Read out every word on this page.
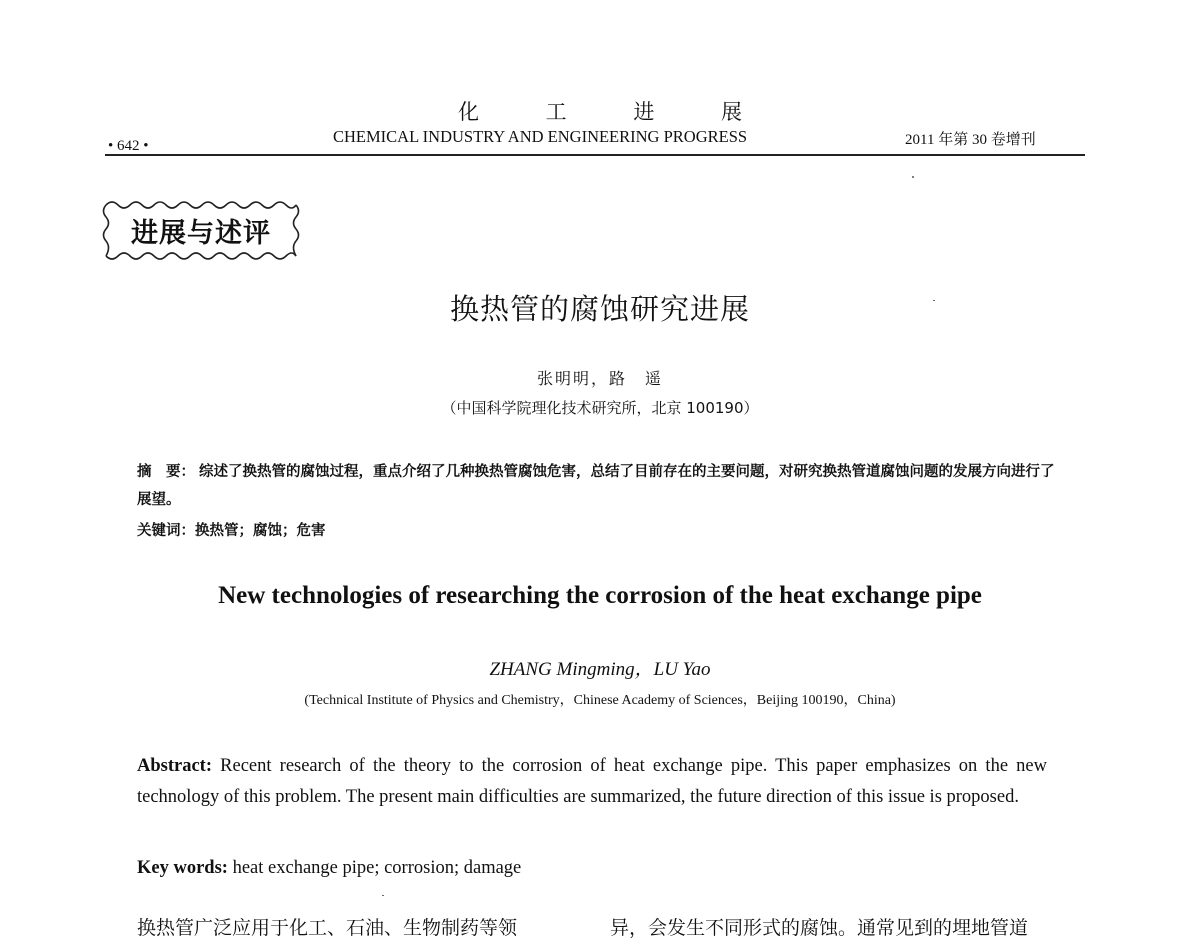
化 工 进 展
• 642 •	CHEMICAL INDUSTRY AND ENGINEERING PROGRESS	2011 年第 30 卷增刊
进展与述评
换热管的腐蚀研究进展
张明明，路　遥
（中国科学院理化技术研究所，北京 100190）
摘　要： 综述了换热管的腐蚀过程，重点介绍了几种换热管腐蚀危害，总结了目前存在的主要问题，对研究换热管道腐蚀问题的发展方向进行了展望。
关键词：换热管；腐蚀；危害
New technologies of researching the corrosion of the heat exchange pipe
ZHANG Mingming，LU Yao
(Technical Institute of Physics and Chemistry，Chinese Academy of Sciences，Beijing 100190，China)
Abstract: Recent research of the theory to the corrosion of heat exchange pipe. This paper emphasizes on the new technology of this problem. The present main difficulties are summarized, the future direction of this issue is proposed.
Key words: heat exchange pipe; corrosion; damage
换热管广泛应用于化工、石油、生物制药等领	异，会发生不同形式的腐蚀。通常见到的埋地管道
